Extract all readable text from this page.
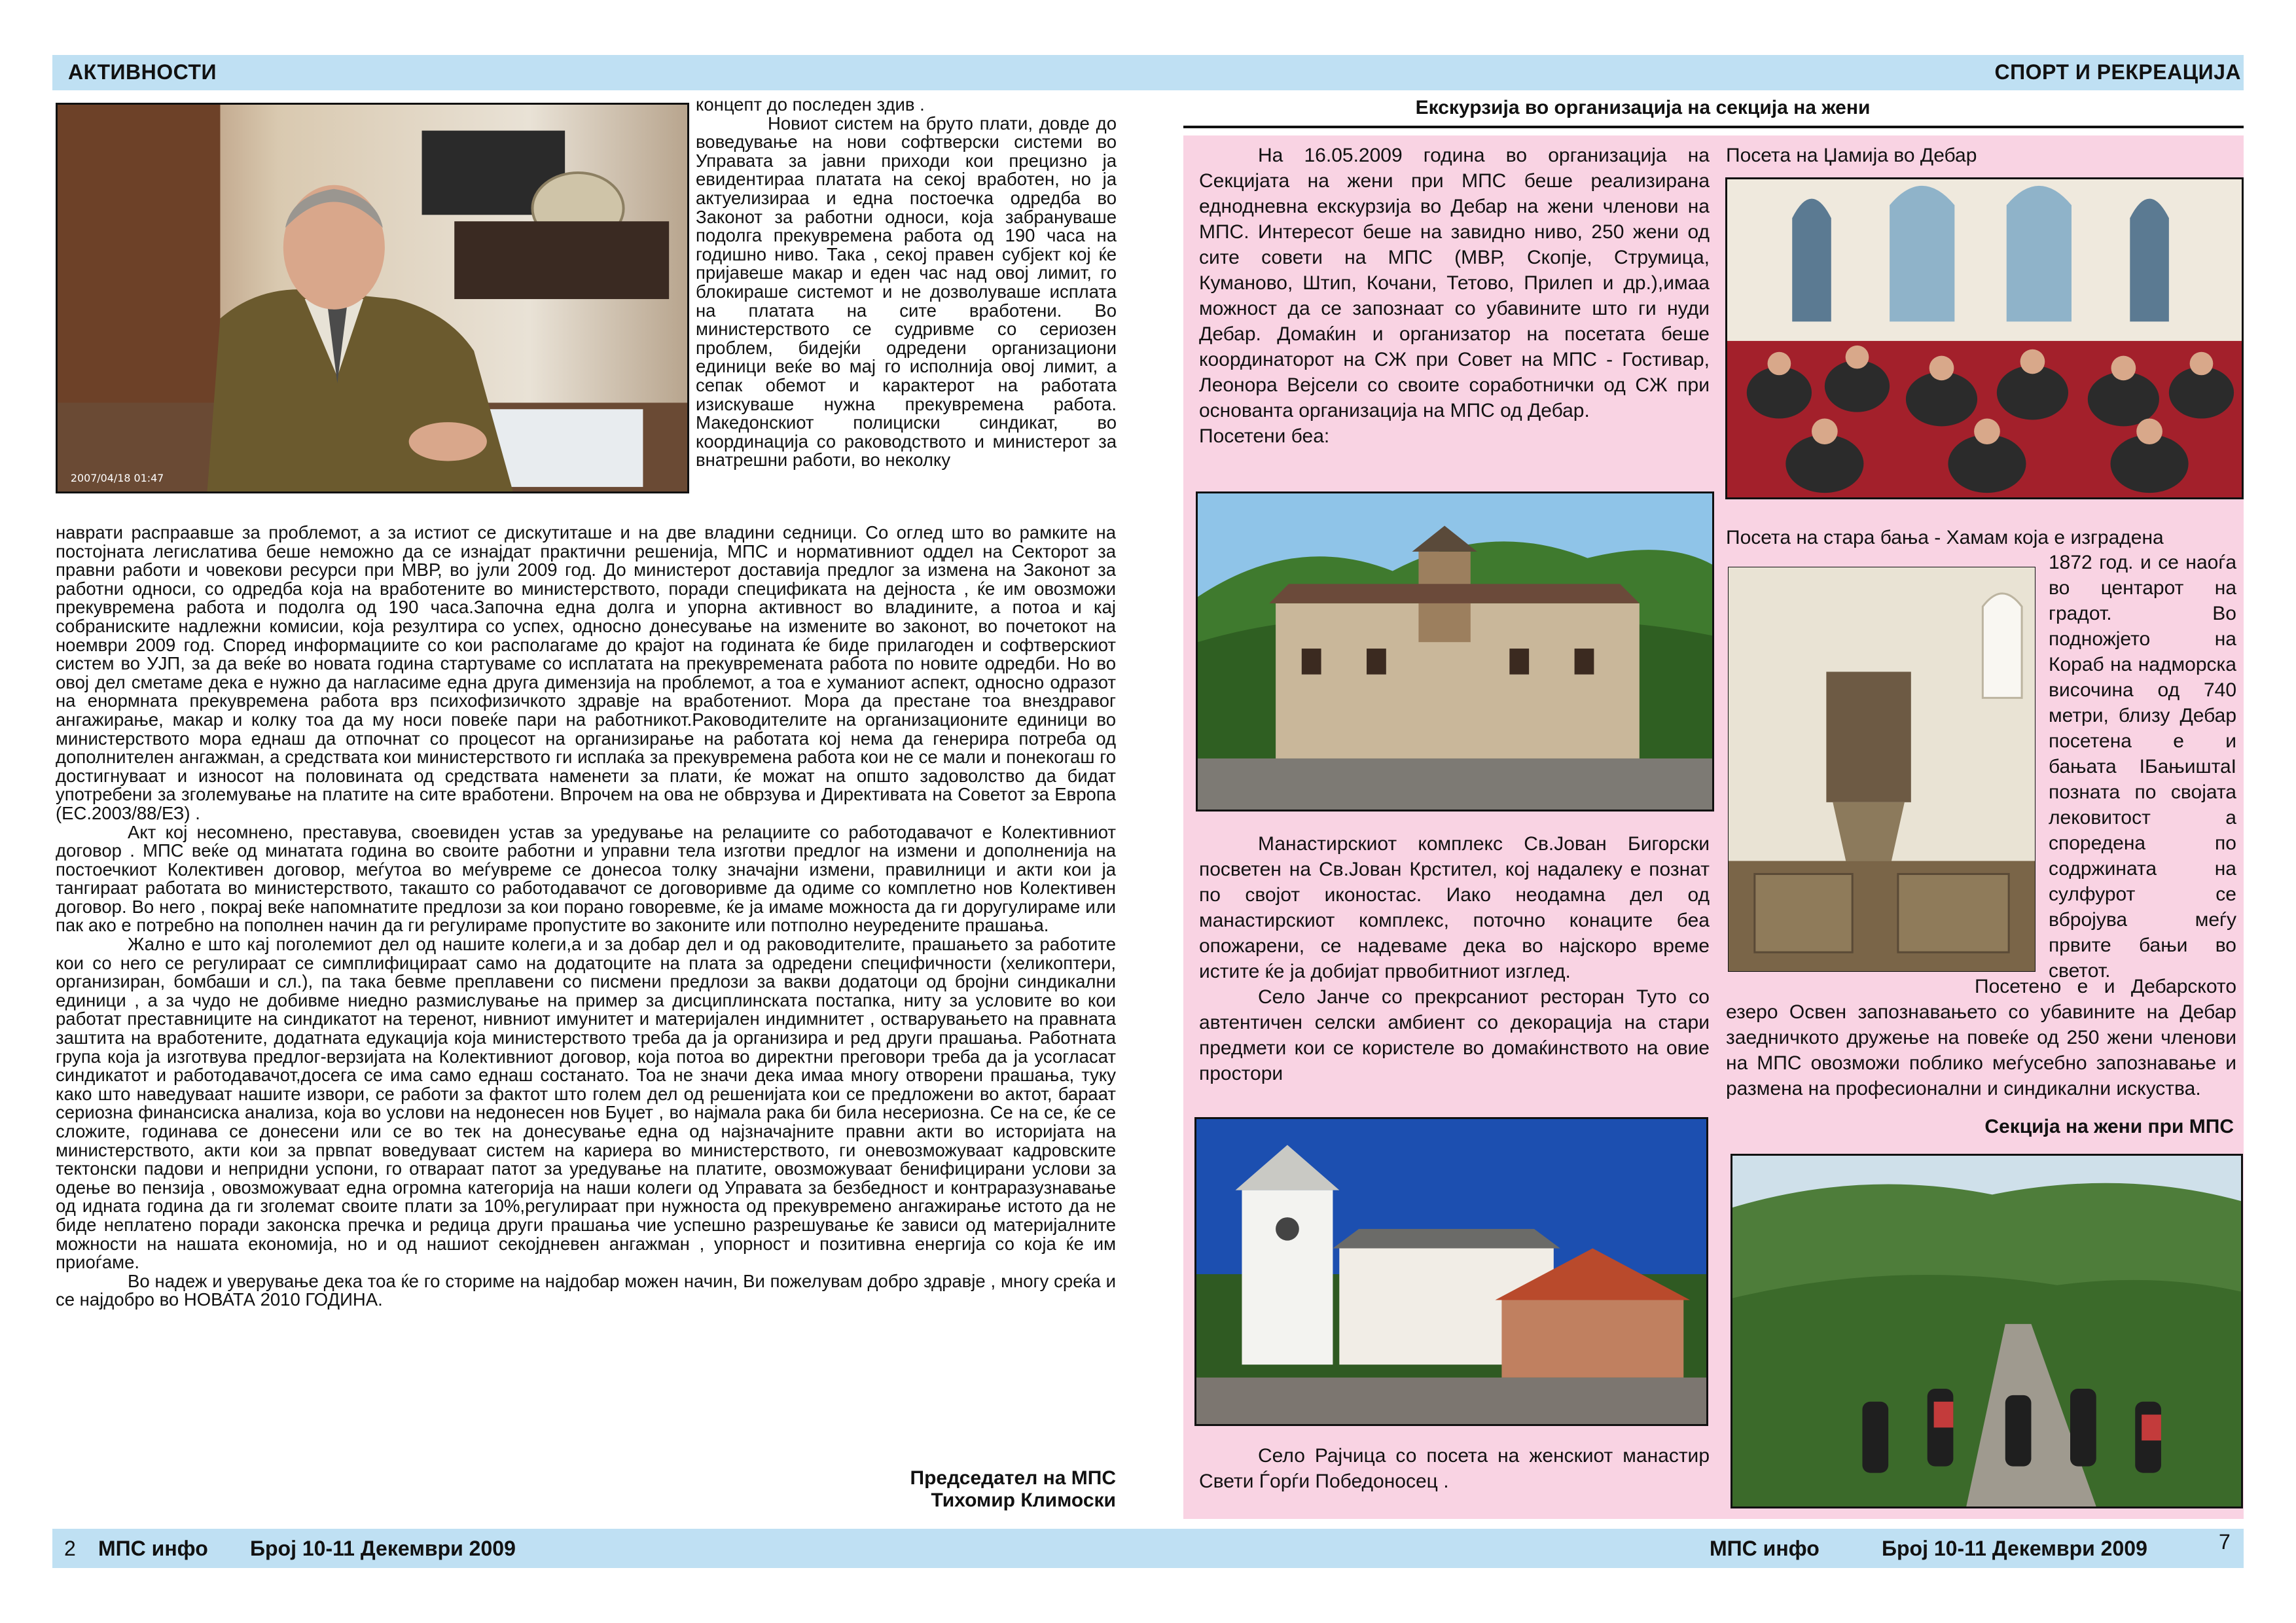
АКТИВНОСТИ	СПОРТ И РЕКРЕАЦИЈА
2007/04/18 01:47

концепт до последен здив .

Новиот систем на бруто плати, довде до воведување на нови софтверски системи во Управата за јавни приходи кои прецизно ја евидентираа платата на секој вработен, но ја актуелизираа и една постоечка одредба во Законот за работни односи, која забрануваше подолга прекувремена работа од 190 часа на годишно ниво. Така , секој правен субјект кој ќе пријавеше макар и еден час над овој лимит, го блокираше системот и не дозволуваше исплата на платата на сите вработени. Во министерството се судривме со сериозен проблем, бидејќи одредени организациони единици веќе во мај го исполнија овој лимит, а сепак обемот и карактерот на работата изискуваше нужна прекувремена работа. Македонскиот полициски синдикат, во координација со раководството и министерот за внатрешни работи, во неколку

наврати распраавше за проблемот, а за истиот се дискутиташе и на две владини седници. Со оглед што во рамките на постојната легислатива беше неможно да се изнајдат практични решенија, МПС и нормативниот оддел на Секторот за правни работи и човекови ресурси при МВР, во јули 2009 год. До министерот доставија предлог за измена на Законот за работни односи, со одредба која на вработените во министерството, поради спецификата на дејноста , ќе им овозможи прекувремена работа и подолга од 190 часа.Започна една долга и упорна активност во владините, а потоа и кај собраниските надлежни комисии, која резултира со успех, односно донесување на измените во законот, во почетокот на ноември 2009 год. Според информациите со кои располагаме до крајот на годината ќе биде прилагоден и софтверскиот систем во УЈП, за да веќе во новата година стартуваме со исплатата на прекувремената работа по новите одредби. Но во овој дел сметаме дека е нужно да нагласиме една друга димензија на проблемот, а тоа е хуманиот аспект, односно одразот на енормната прекувремена работа врз психофизичкото здравје на вработениот. Мора да престане тоа внездравог ангажирање, макар и колку тоа да му носи повеќе пари на работникот.Раководителите на организационите единици во министерството мора еднаш да отпочнат со процесот на организирање на работата кој нема да генерира потреба од дополнителен ангажман, а средствата кои министерството ги исплаќа за прекувремена работа кои не се мали и понекогаш го достигнуваат и износот на половината од средствата наменети за плати, ќе можат на општо задоволство да бидат употребени за зголемување на платите на сите вработени. Впрочем на ова не обврзува и Директивата на Советот за Европа (ЕС.2003/88/ЕЗ) .

Акт кој несомнено, преставува, своевиден устав за уредување на релациите со работодавачот е Колективниот договор . МПС веќе од минатата година во своите работни и управни тела изготви предлог на измени и дополненија на постоечкиот Колективен договор, меѓутоа во меѓувреме се донесоа толку значајни измени, правилници и акти кои ја тангираат работата во министерството, такашто со работодавачот се договоривме да одиме со комплетно нов Колективен договор. Во него , покрај веќе напомнатите предлози за кои порано говоревме, ќе ја имаме можноста да ги доругулираме или пак ако е потребно на пополнен начин да ги регулираме пропустите во законите или потполно неуредените прашања.

Жално е што кај поголемиот дел од нашите колеги,а и за добар дел и од раководителите, прашањето за работите кои со него се регулираат се симплифицираат само на додатоците на плата за одредени специфичности (хеликоптери, организиран, бомбаши и сл.), па така бевме преплавени со писмени предлози за вакви додатоци од бројни синдикални единици , а за чудо не добивме ниедно размислување на пример за дисциплинската постапка, ниту за условите во кои работат преставниците на синдикатот на теренот, нивниот имунитет и материјален индимнитет , остварувањето на правната заштита на вработените, додатната едукација која министерството треба да ја организира и ред други прашања. Работната група која ја изготвува предлог-верзијата на Колективниот договор, која потоа во директни преговори треба да ја усогласат синдикатот и работодавачот,досега се има само еднаш состанато. Тоа не значи дека имаа многу отворени прашања, туку како што наведуваат нашите извори, се работи за фактот што голем дел од решенијата кои се предложени во актот, бараат сериозна финансиска анализа, која во услови на недонесен нов Буџет , во најмала рака би била несериозна. Се на се, ќе се сложите, годинава се донесени или се во тек на донесување една од најзначајните правни акти во историјата на министерството, акти кои за првпат воведуваат систем на кариера во министерството, ги оневозможуваат кадровските тектонски падови и непридни успони, го отвараат патот за уредување на платите, овозможуваат бенифицирани услови за одење во пензија , овозможуваат една огромна категорија на наши колеги од Управата за безбедност и контраразузнавање од идната година да ги зголемат своите плати за 10%,регулираат при нужноста од прекувремено ангажирање истото да не биде неплатено поради законска пречка и редица други прашања чие успешно разрешување ќе зависи од материјалните можности на нашата економија, но и од нашиот секојдневен ангажман , упорност и позитивна енергија со која ќе им приоѓаме.

Во надеж и уверување дека тоа ќе го сториме на најдобар можен начин, Ви пожелувам добро здравје , многу среќа и се најдобро во НОВАТА 2010 ГОДИНА.

Председател на МПС
Тихомир Климоски
Екскурзија во организација на секција на жени

На 16.05.2009 година во организација на Секцијата на жени при МПС беше реализирана еднодневна екскурзија во Дебар на жени членови на МПС. Интересот беше на завидно ниво, 250 жени од сите совети на МПС (МВР, Скопје, Струмица, Куманово, Штип, Кочани, Тетово, Прилеп и др.),имаа можност да се запознаат со убавините што ги нуди Дебар. Домаќин и организатор на посетата беше координаторот на СЖ при Совет на МПС - Гостивар, Леонора Вејсели со своите соработнички од СЖ при основанта организација на МПС од Дебар.

Посетени беа:

Манастирскиот комплекс Св.Јован Бигорски посветен на Св.Јован Крстител, кој надалеку е познат по својот иконостас. Иако неодамна дел од манастирскиот комплекс, поточно конаците беа опожарени, се надеваме дека во најскоро време истите ќе ја добијат првобитниот изглед.

Село Јанче со прекрсаниот ресторан Туто со автентичен селски амбиент со декорација на стари предмети кои се користеле во домаќинството на овие простори

Село Рајчица со посета на женскиот манастир Свети Ѓорѓи Победоносец .
Посета на Џамија во Дебар
Посета на стара бања - Хамам која е изградена

1872 год. и се наоѓа во центарот на градот. Во подножјето на Кораб на надморска височина од 740 метри, близу Дебар посетена е и бањата ІБањиштаІ позната по својата лековитост а споредена по содржината на сулфурот се вбројува меѓу првите бањи во светот.

Посетено е и Дебарското езеро Освен запознавањето со убавините на Дебар заедничкото дружење на повеќе од 250 жени членови на МПС овозможи поблико меѓусебно запознавање и размена на професионални и синдикални искуства.

Секција на жени при МПС
2 МПС инфо Број 10-11 Декември 2009	МПС инфо	Број 10-11 Декември 2009	7
